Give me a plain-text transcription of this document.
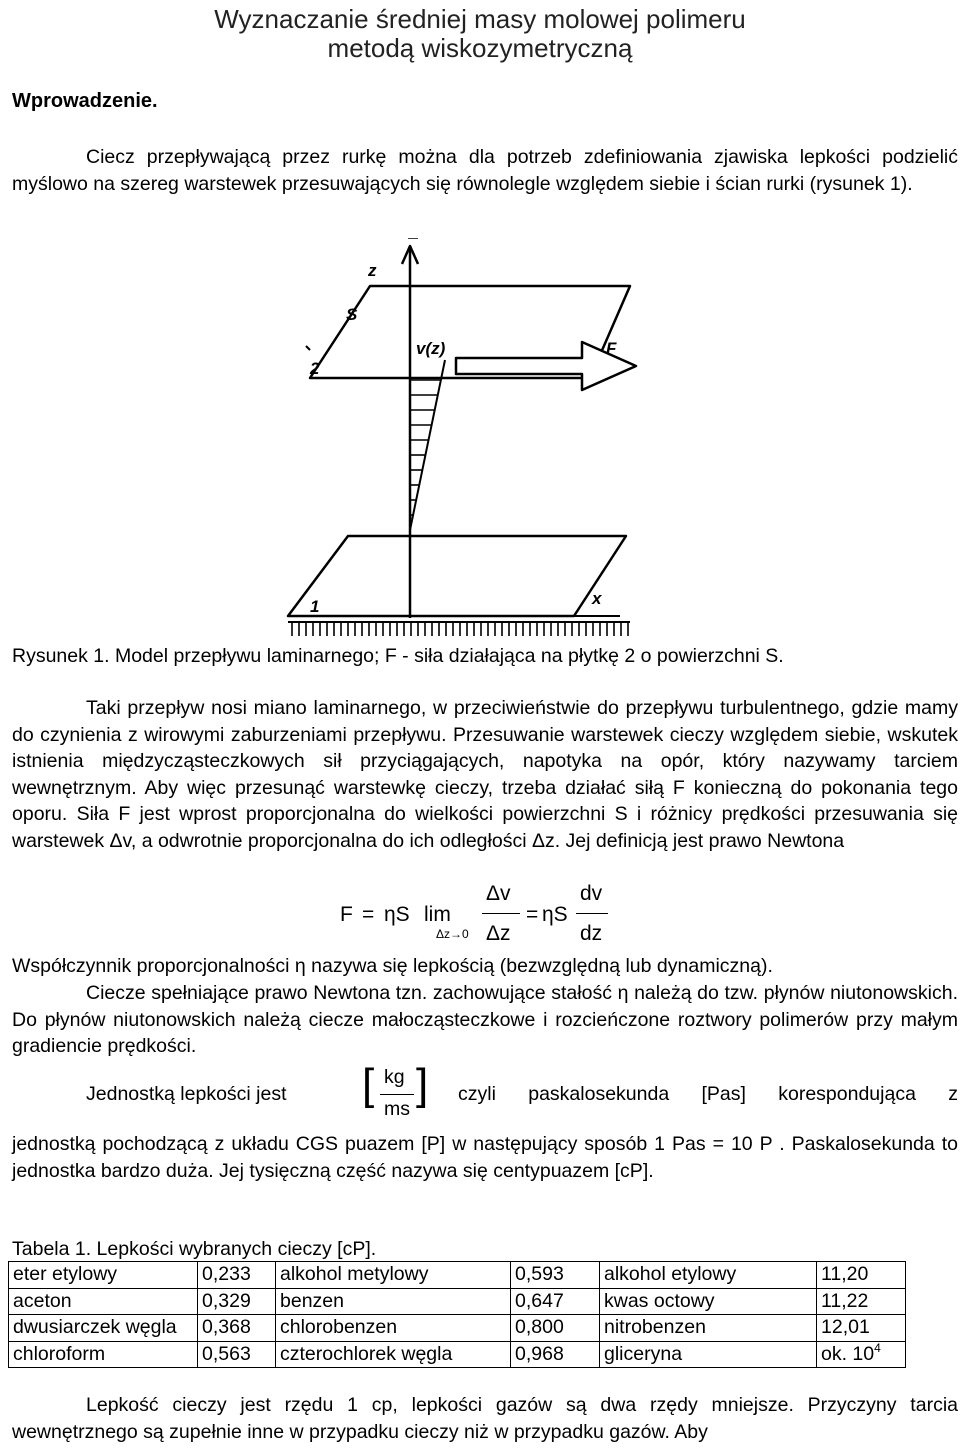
Wyznaczanie średniej masy molowej polimeru
metodą wiskozymetryczną
Wprowadzenie.
Ciecz przepływającą przez rurkę można dla potrzeb zdefiniowania zjawiska lepkości podzielić myślowo na szereg warstewek przesuwających się równolegle względem siebie i ścian rurki (rysunek 1).
z
S
v(z)	F
2
1	x
Rysunek 1. Model przepływu laminarnego; F - siła działająca na płytkę 2 o powierzchni S.
Taki przepływ nosi miano laminarnego, w przeciwieństwie do przepływu turbulentnego, gdzie mamy do czynienia z wirowymi zaburzeniami przepływu. Przesuwanie warstewek cieczy względem siebie, wskutek istnienia międzycząsteczkowych sił przyciągających, napotyka na opór, który nazywamy tarciem wewnętrznym. Aby więc przesunąć warstewkę cieczy, trzeba działać siłą F konieczną do pokonania tego oporu. Siła F jest wprost proporcjonalna do wielkości powierzchni S i różnicy prędkości przesuwania się warstewek Δv, a odwrotnie proporcjonalna do ich odległości Δz. Jej definicją jest prawo Newtona
F = ηS lim
Δz→0
Δv
Δz
= ηS
dv
dz
Współczynnik proporcjonalności η nazywa się lepkością (bezwzględną lub dynamiczną).
Ciecze spełniające prawo Newtona tzn. zachowujące stałość η należą do tzw. płynów niutonowskich. Do płynów niutonowskich należą ciecze małocząsteczkowe i rozcieńczone roztwory polimerów przy małym gradiencie prędkości.
Jednostką lepkości jest [ kg
ms ] czyli paskalosekunda [Pas] korespondująca z
jednostką pochodzącą z układu CGS puazem [P] w następujący sposób 1 Pas = 10 P . Paskalosekunda to jednostka bardzo duża. Jej tysięczną część nazywa się centypuazem [cP].
Tabela 1. Lepkości wybranych cieczy [cP].
eter etylowy	0,233	alkohol metylowy	0,593	alkohol etylowy	11,20
aceton	0,329	benzen	0,647	kwas octowy	11,22
dwusiarczek węgla	0,368	chlorobenzen	0,800	nitrobenzen	12,01
chloroform	0,563	czterochlorek węgla	0,968	gliceryna	ok. $10^4$
Lepkość cieczy jest rzędu 1 cp, lepkości gazów są dwa rzędy mniejsze. Przyczyny tarcia wewnętrznego są zupełnie inne w przypadku cieczy niż w przypadku gazów. Aby
